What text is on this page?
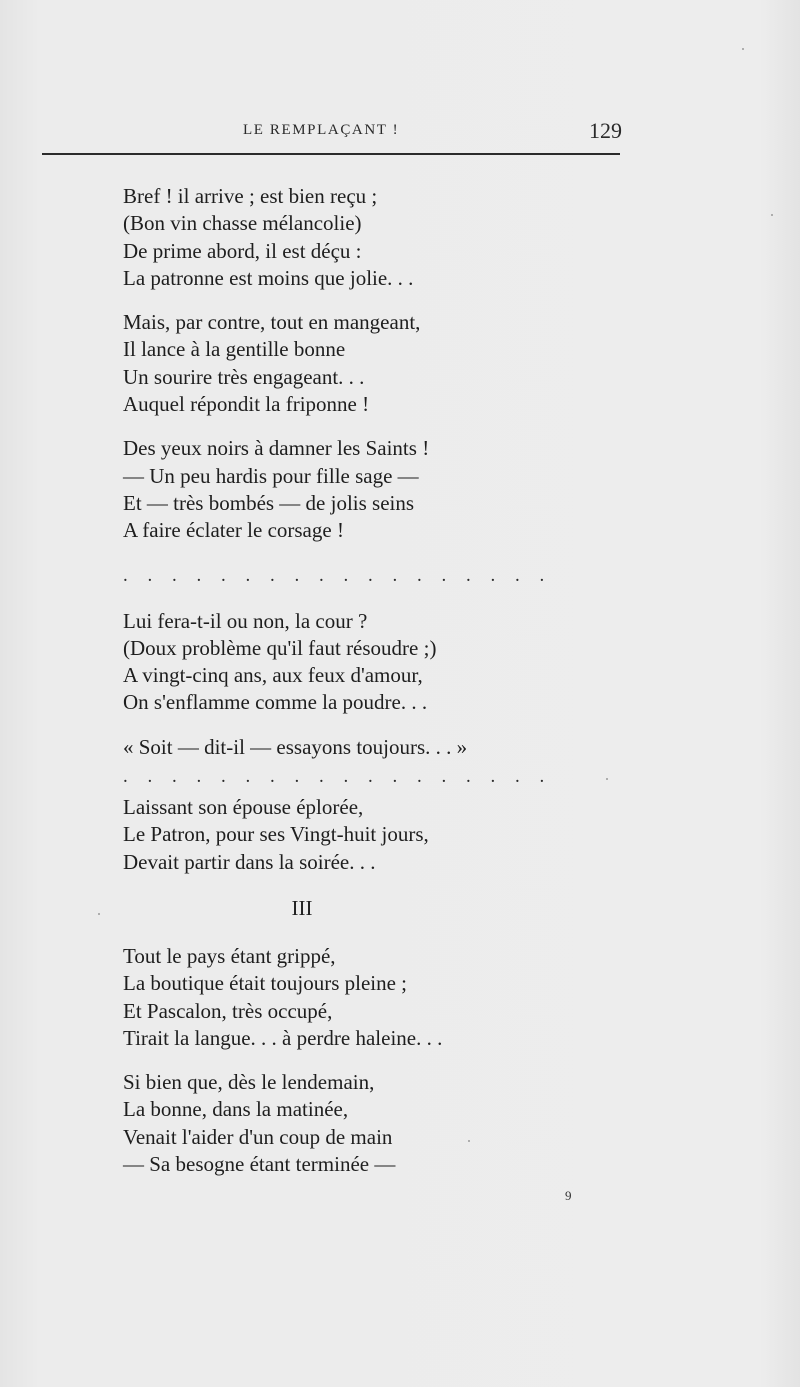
LE REMPLAÇANT !	129
Bref ! il arrive ; est bien reçu ;
(Bon vin chasse mélancolie)
De prime abord, il est déçu :
La patronne est moins que jolie. . .
Mais, par contre, tout en mangeant,
Il lance à la gentille bonne
Un sourire très engageant. . .
Auquel répondit la friponne !
Des yeux noirs à damner les Saints !
— Un peu hardis pour fille sage —
Et — très bombés — de jolis seins
A faire éclater le corsage !
. . . . . . . . . . . . . . . . . .
Lui fera-t-il ou non, la cour ?
(Doux problème qu'il faut résoudre ;)
A vingt-cinq ans, aux feux d'amour,
On s'enflamme comme la poudre. . .
« Soit — dit-il — essayons toujours. . . »
. . . . . . . . . . . . . . . . . .
Laissant son épouse éplorée,
Le Patron, pour ses Vingt-huit jours,
Devait partir dans la soirée. . .
III
Tout le pays étant grippé,
La boutique était toujours pleine ;
Et Pascalon, très occupé,
Tirait la langue. . . à perdre haleine. . .
Si bien que, dès le lendemain,
La bonne, dans la matinée,
Venait l'aider d'un coup de main
— Sa besogne étant terminée —
9
